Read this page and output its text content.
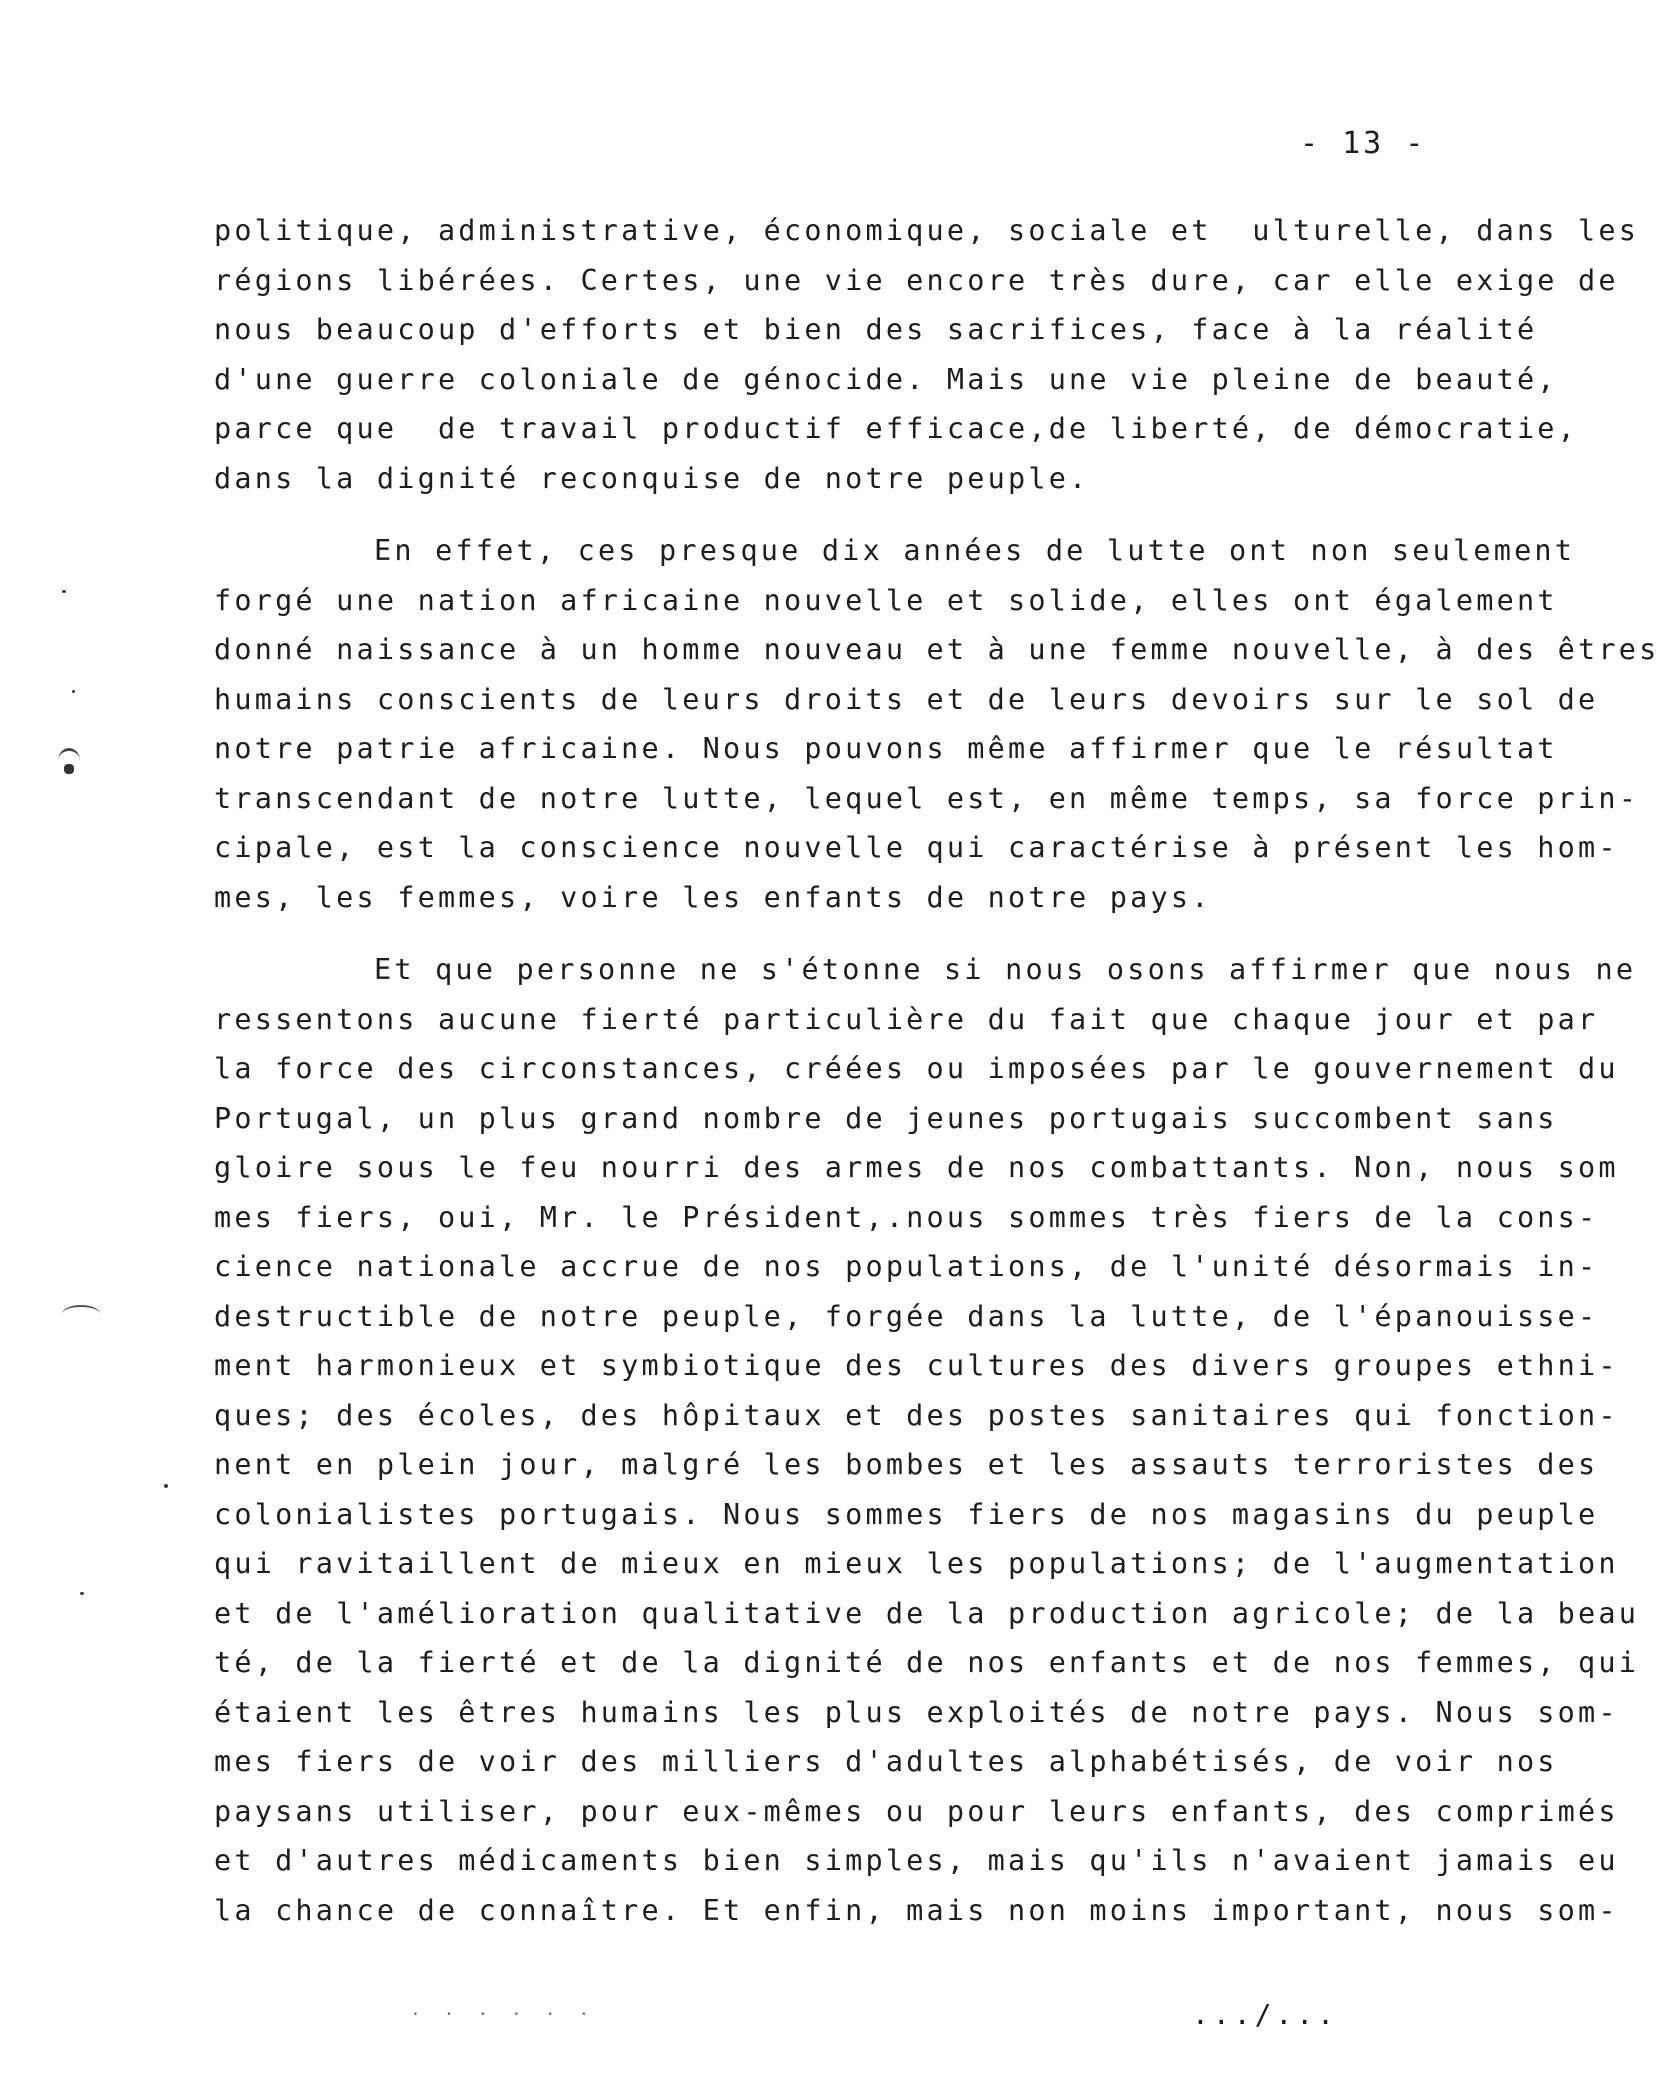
- 13 -
politique, administrative, économique, sociale et  ulturelle, dans les
régions libérées. Certes, une vie encore très dure, car elle exige de
nous beaucoup d'efforts et bien des sacrifices, face à la réalité
d'une guerre coloniale de génocide. Mais une vie pleine de beauté,
parce que  de travail productif efficace,de liberté, de démocratie,
dans la dignité reconquise de notre peuple.
En effet, ces presque dix années de lutte ont non seulement
forgé une nation africaine nouvelle et solide, elles ont également
donné naissance à un homme nouveau et à une femme nouvelle, à des êtres
humains conscients de leurs droits et de leurs devoirs sur le sol de
notre patrie africaine. Nous pouvons même affirmer que le résultat
transcendant de notre lutte, lequel est, en même temps, sa force prin-
cipale, est la conscience nouvelle qui caractérise à présent les hom-
mes, les femmes, voire les enfants de notre pays.
Et que personne ne s'étonne si nous osons affirmer que nous ne
ressentons aucune fierté particulière du fait que chaque jour et par
la force des circonstances, créées ou imposées par le gouvernement du
Portugal, un plus grand nombre de jeunes portugais succombent sans
gloire sous le feu nourri des armes de nos combattants. Non, nous som
mes fiers, oui, Mr. le Président,.nous sommes très fiers de la cons-
cience nationale accrue de nos populations, de l'unité désormais in-
destructible de notre peuple, forgée dans la lutte, de l'épanouisse-
ment harmonieux et symbiotique des cultures des divers groupes ethni-
ques; des écoles, des hôpitaux et des postes sanitaires qui fonction-
nent en plein jour, malgré les bombes et les assauts terroristes des
colonialistes portugais. Nous sommes fiers de nos magasins du peuple
qui ravitaillent de mieux en mieux les populations; de l'augmentation
et de l'amélioration qualitative de la production agricole; de la beau
té, de la fierté et de la dignité de nos enfants et de nos femmes, qui
étaient les êtres humains les plus exploités de notre pays. Nous som-
mes fiers de voir des milliers d'adultes alphabétisés, de voir nos
paysans utiliser, pour eux-mêmes ou pour leurs enfants, des comprimés
et d'autres médicaments bien simples, mais qu'ils n'avaient jamais eu
la chance de connaître. Et enfin, mais non moins important, nous som-
.../...
· · · · · ·
